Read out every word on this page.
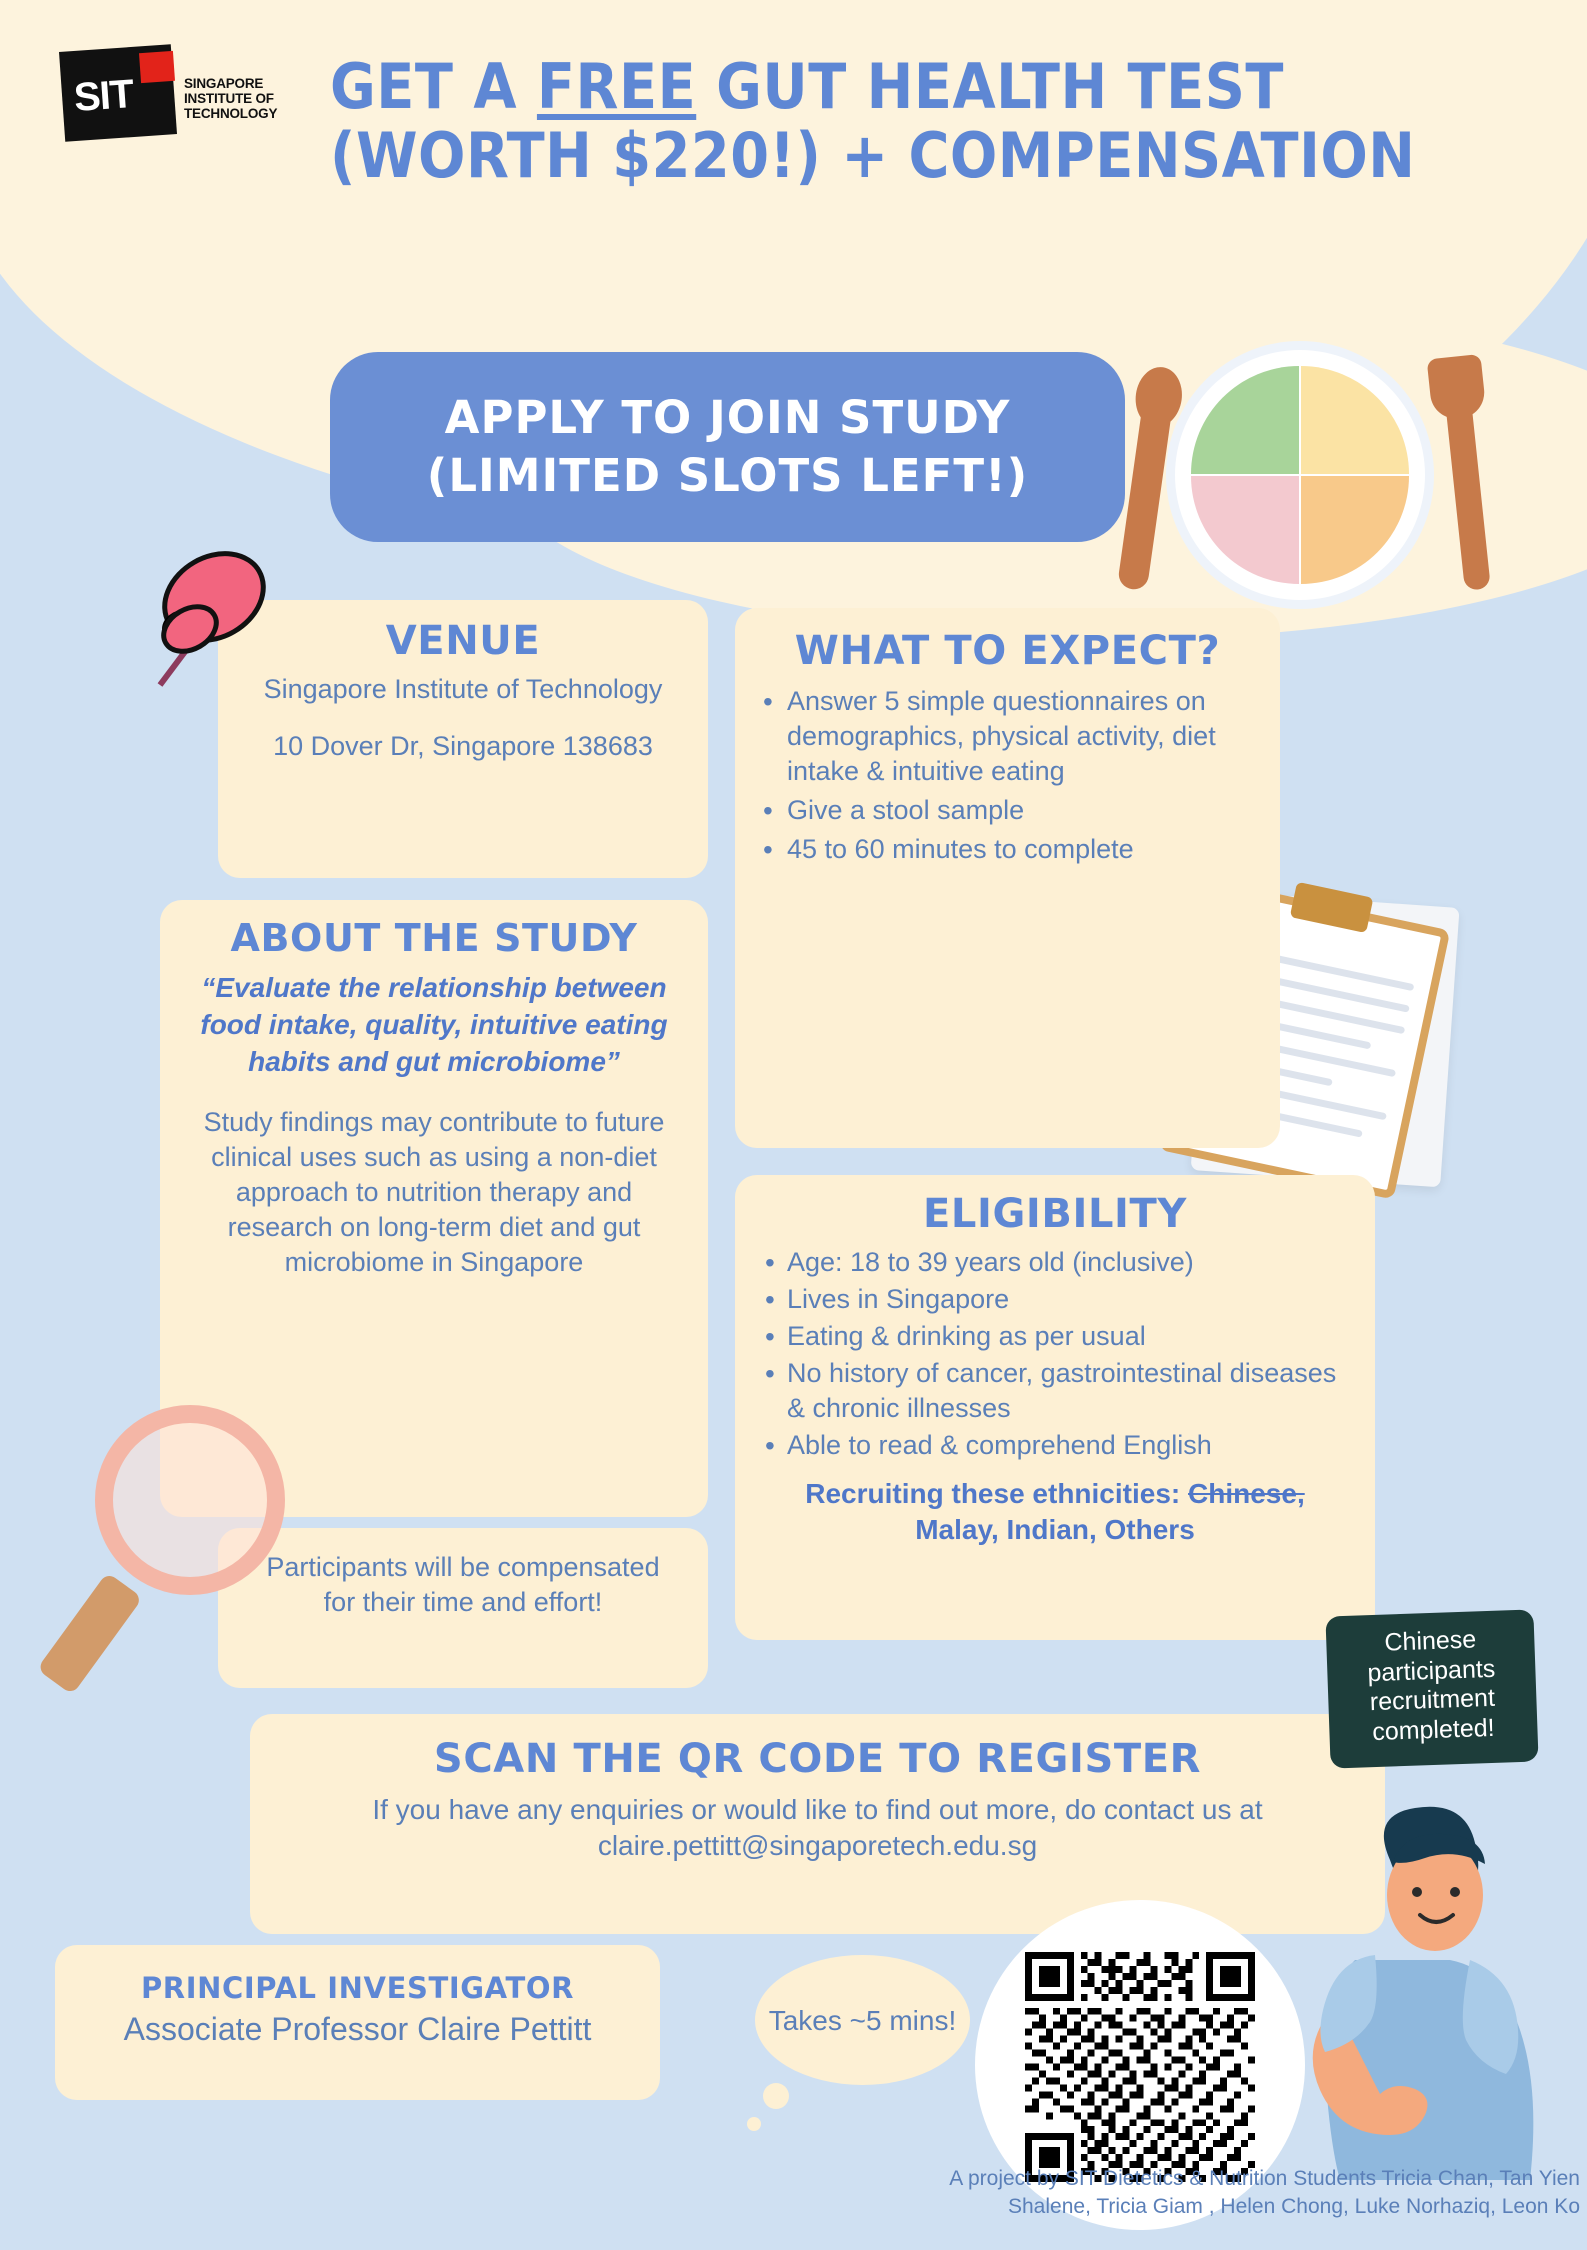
SIT	SINGAPORE INSTITUTE OF TECHNOLOGY GET A FREE GUT HEALTH TEST
(WORTH $220!) + COMPENSATION
APPLY TO JOIN STUDY
(LIMITED SLOTS LEFT!)
VENUE
Singapore Institute of Technology
10 Dover Dr, Singapore 138683
WHAT TO EXPECT?
• Answer 5 simple questionnaires on demographics, physical activity, diet intake & intuitive eating
• Give a stool sample
• 45 to 60 minutes to complete
ABOUT THE STUDY
“Evaluate the relationship between food intake, quality, intuitive eating habits and gut microbiome”
Study findings may contribute to future clinical uses such as using a non-diet approach to nutrition therapy and research on long-term diet and gut microbiome in Singapore
Participants will be compensated for their time and effort!
ELIGIBILITY
• Age: 18 to 39 years old (inclusive)
• Lives in Singapore
• Eating & drinking as per usual
• No history of cancer, gastrointestinal diseases & chronic illnesses
• Able to read & comprehend English
Recruiting these ethnicities: Chinese, Malay, Indian, Others
Chinese participants recruitment completed!
SCAN THE QR CODE TO REGISTER
If you have any enquiries or would like to find out more, do contact us at claire.pettitt@singaporetech.edu.sg
PRINCIPAL INVESTIGATOR
Associate Professor Claire Pettitt	Takes ~5 mins!
A project by SIT Dietetics & Nutrition Students Tricia Chan, Tan Yien Shalene, Tricia Giam , Helen Chong, Luke Norhaziq, Leon Ko
